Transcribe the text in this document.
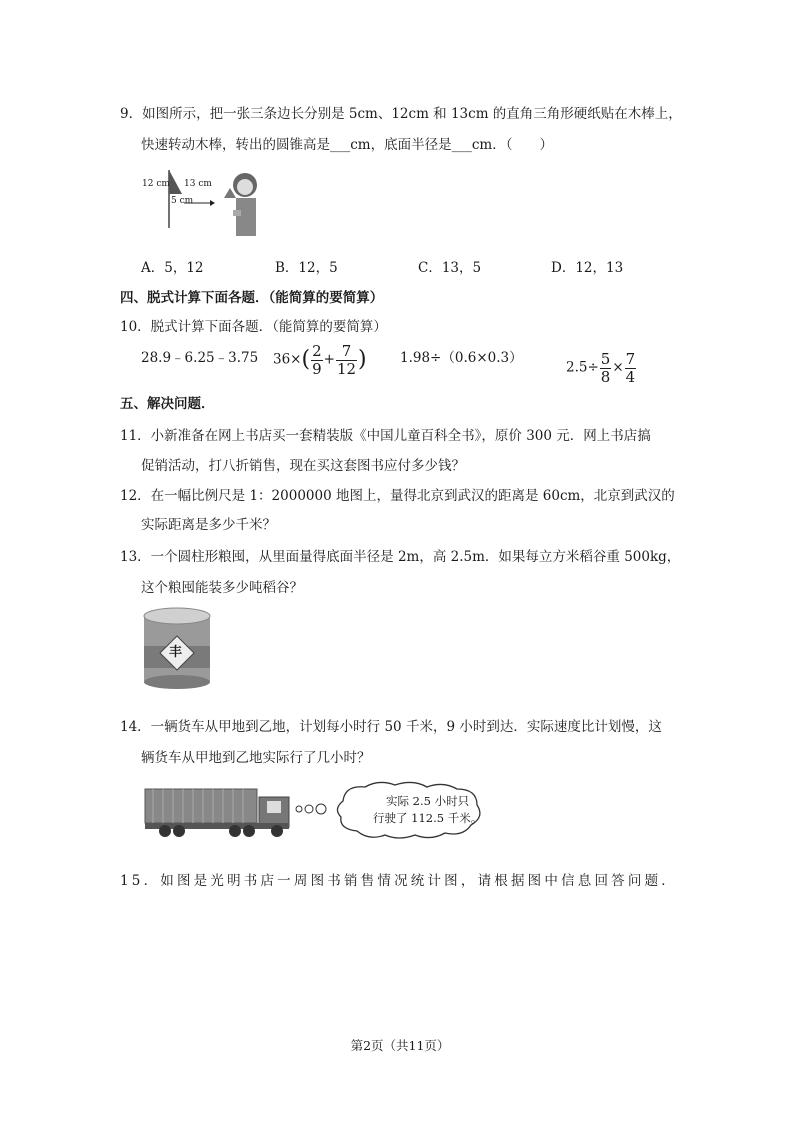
9．如图所示，把一张三条边长分别是 5cm、12cm 和 13cm 的直角三角形硬纸贴在木棒上，
快速转动木棒，转出的圆锥高是___cm，底面半径是___cm．（　　）
12 cm 13 cm
5 cm
A．5，12	B．12，5	C．13，5	D．12，13
四、脱式计算下面各题．（能简算的要简算）
10．脱式计算下面各题．（能简算的要简算）
28.9﹣6.25﹣3.75 $36\times( \frac{2}{9} + \frac{7}{12}$ ) 1.98÷（0.6×0.3）
$2.5\div \frac{5}{8} \times \frac{7}{4}$
五、解决问题．
11．小新准备在网上书店买一套精装版《中国儿童百科全书》，原价 300 元．网上书店搞
促销活动，打八折销售，现在买这套图书应付多少钱？
12．在一幅比例尺是 1：2000000 地图上，量得北京到武汉的距离是 60cm，北京到武汉的
实际距离是多少千米？
13．一个圆柱形粮囤，从里面量得底面半径是 2m，高 2.5m．如果每立方米稻谷重 500kg，
这个粮囤能装多少吨稻谷？
丰
14．一辆货车从甲地到乙地，计划每小时行 50 千米，9 小时到达．实际速度比计划慢，这
辆货车从甲地到乙地实际行了几小时？
实际 2.5 小时只
行驶了 112.5 千米。
15．如图是光明书店一周图书销售情况统计图，请根据图中信息回答问题．
第2页（共11页）
